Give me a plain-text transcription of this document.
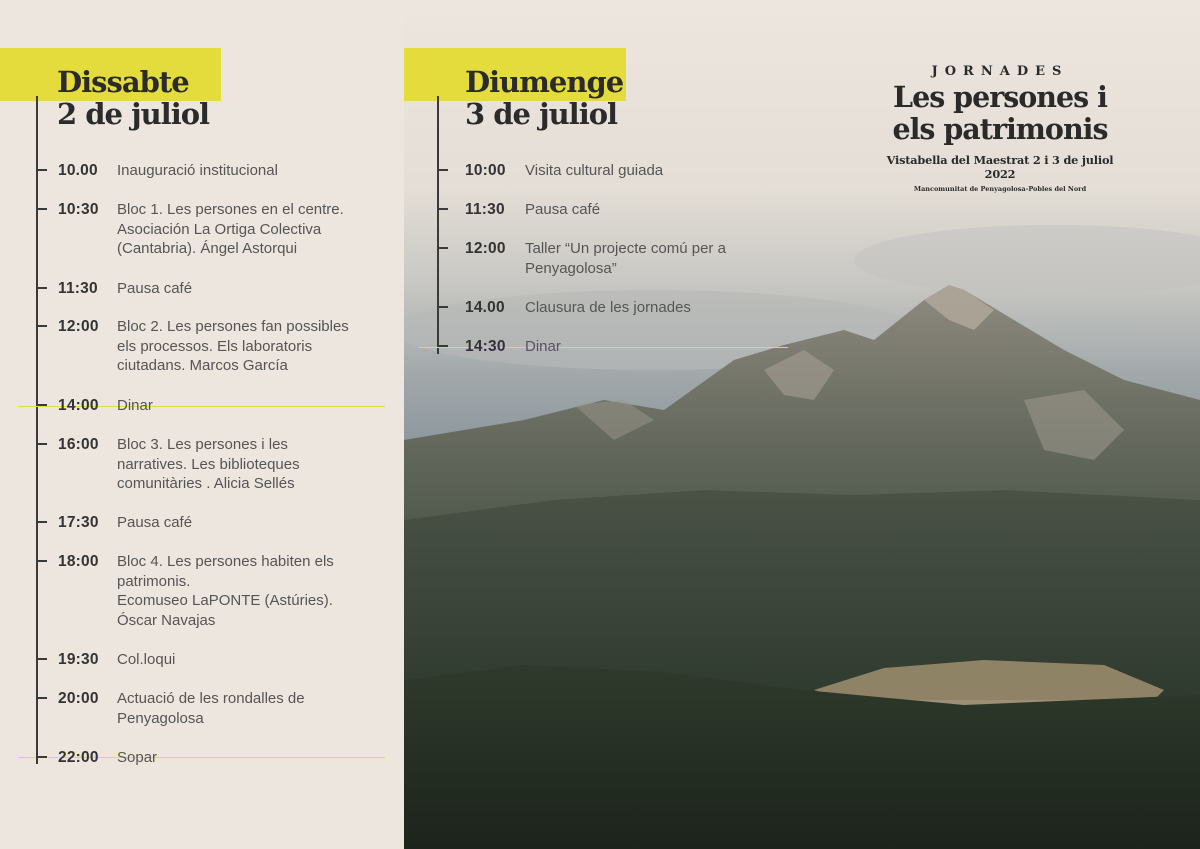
Dissabte
2 de juliol
10.00 Inauguració institucional
10:30 Bloc 1. Les persones en el centre.
Asociación La Ortiga Colectiva
(Cantabria). Ángel Astorqui
11:30 Pausa café
12:00 Bloc 2. Les persones fan possibles
els processos. Els laboratoris
ciutadans. Marcos García
14:00 Dinar
16:00 Bloc 3. Les persones i les
narratives. Les biblioteques
comunitàries . Alicia Sellés
17:30 Pausa café
18:00 Bloc 4. Les persones habiten els
patrimonis.
Ecomuseo LaPONTE (Astúries).
Óscar Navajas
19:30 Col.loqui
20:00 Actuació de les rondalles de
Penyagolosa
22:00 Sopar
Diumenge
3 de juliol
10:00 Visita cultural guiada
11:30 Pausa café
12:00 Taller “Un projecte comú per a
Penyagolosa”
14.00 Clausura de les jornades
14:30 Dinar
JORNADES
Les persones i
els patrimonis
Vistabella del Maestrat 2 i 3 de juliol 2022
Mancomunitat de Penyagolosa-Pobles del Nord
